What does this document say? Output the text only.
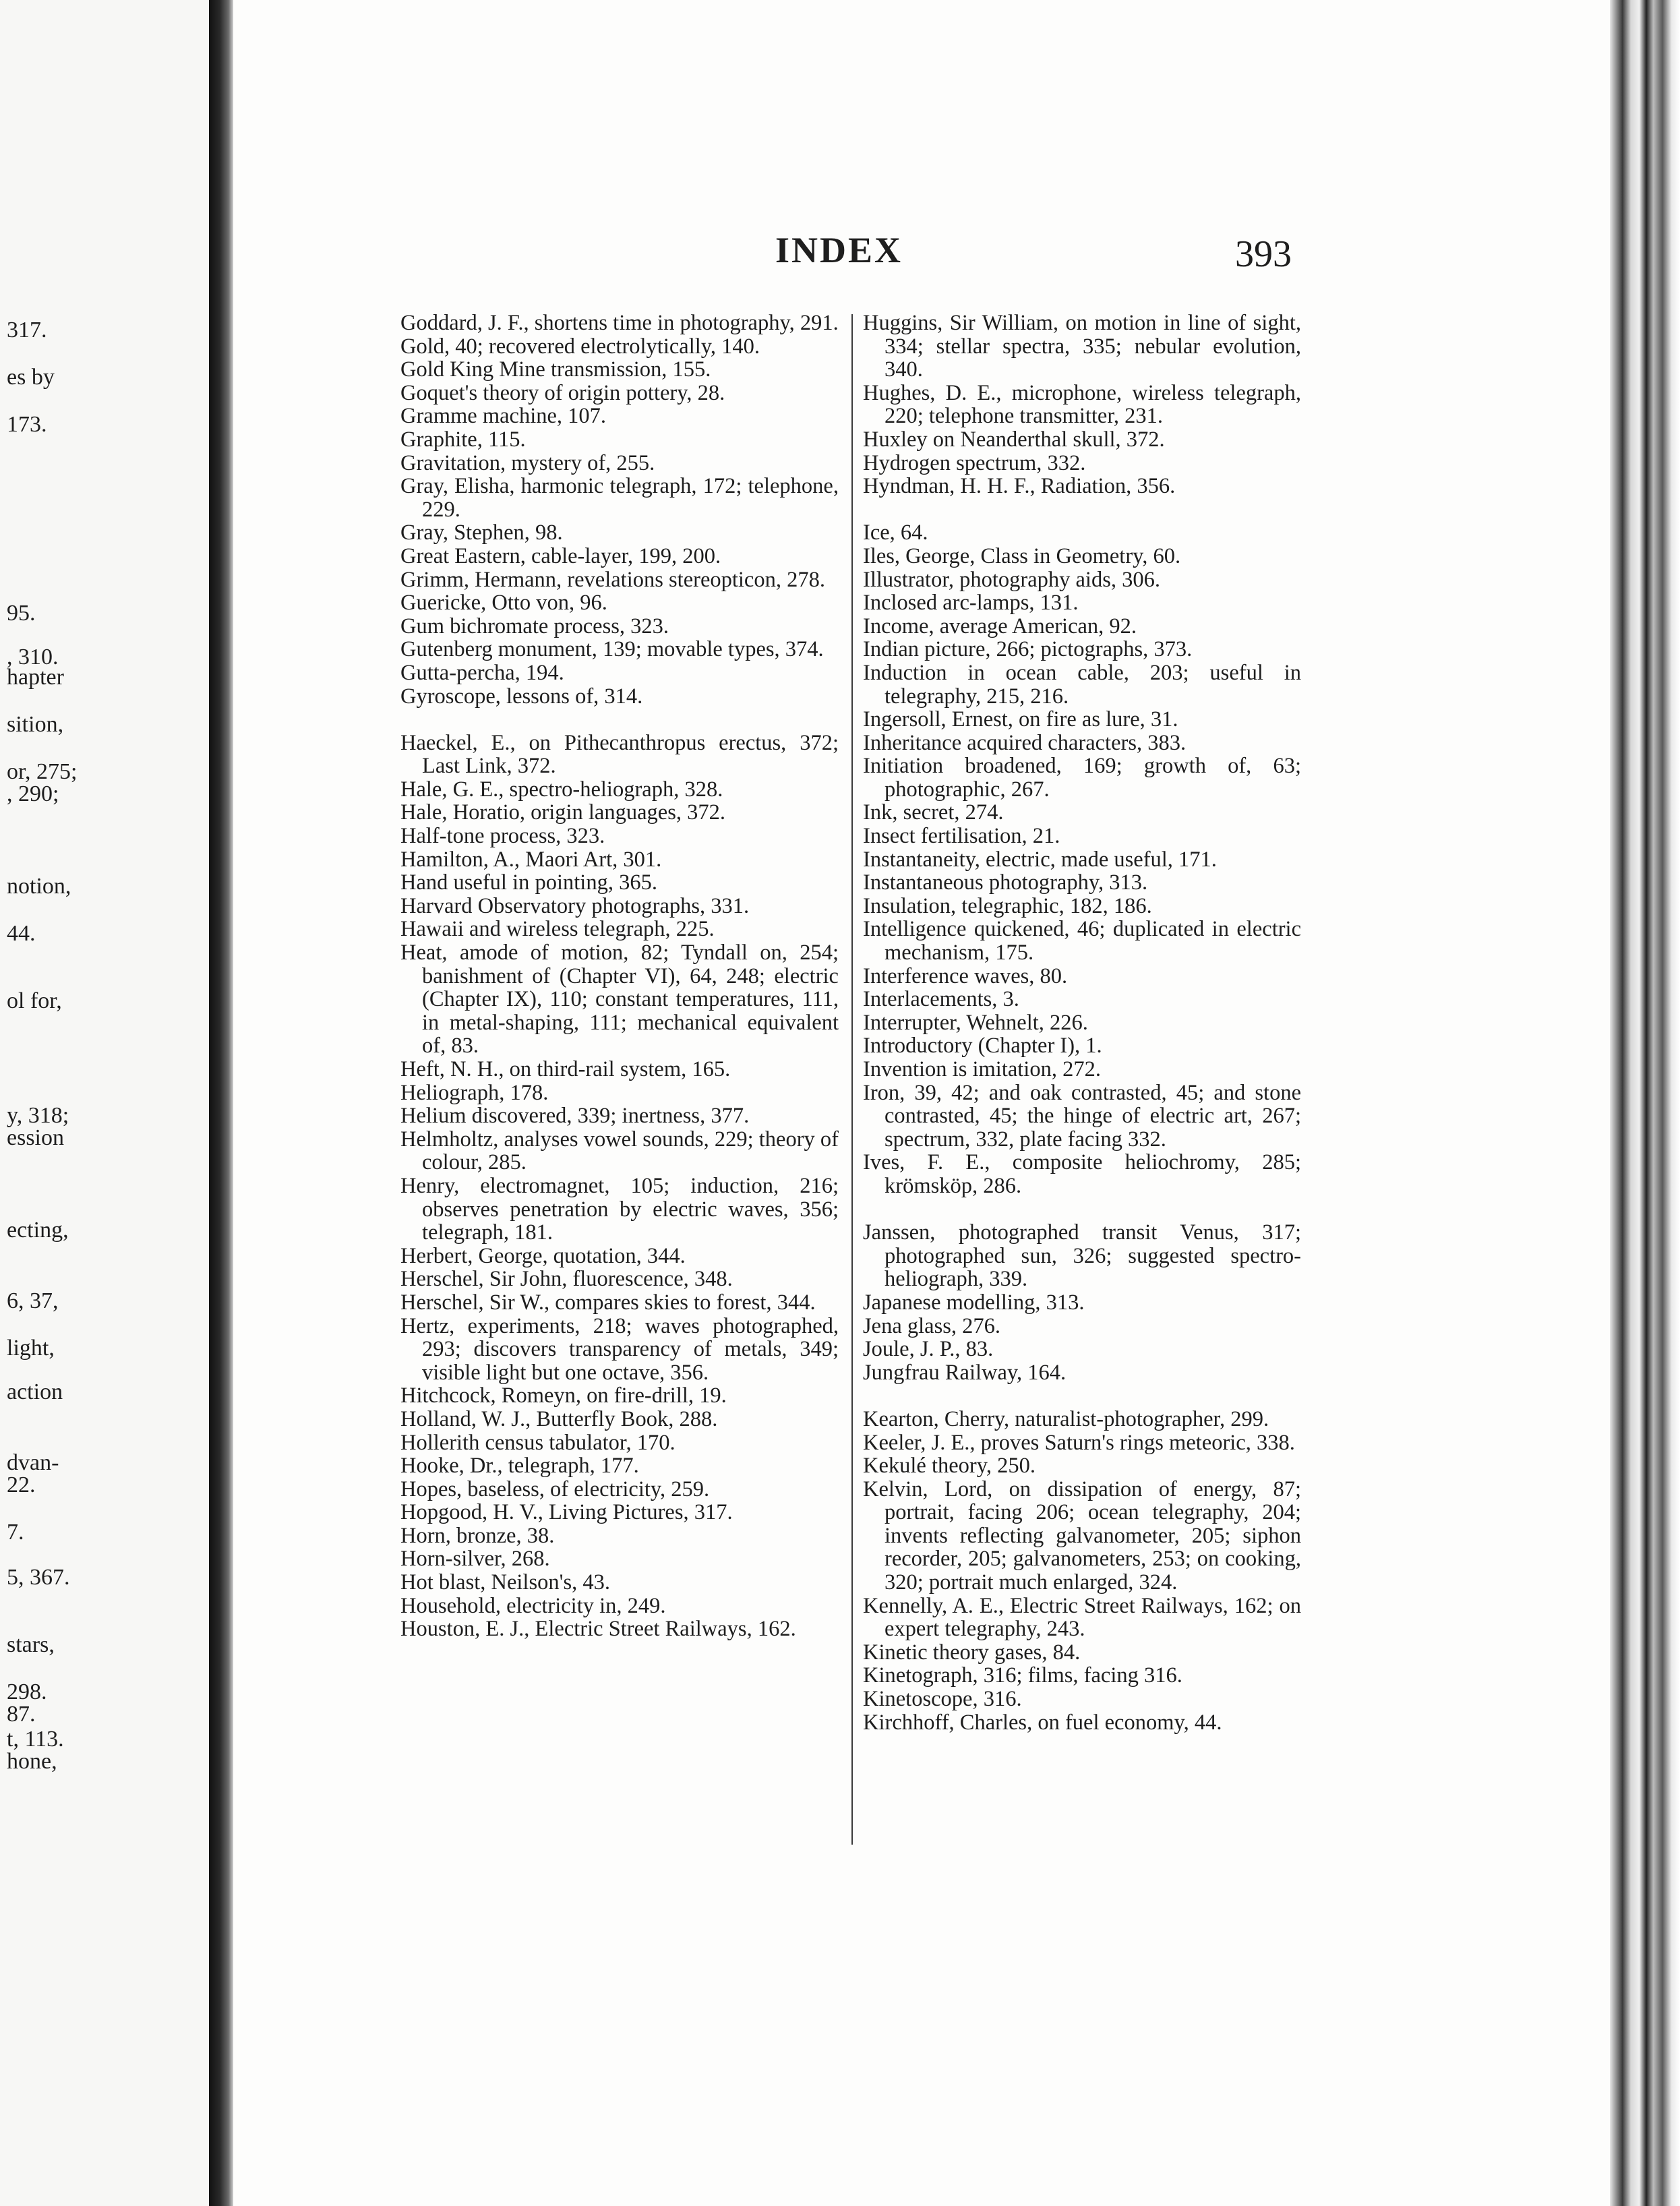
317.
es by
173.
95.
, 310.
hapter
sition,
or, 275;
, 290;
notion,
44.
ol for,
y, 318;
ession
ecting,
6, 37,
light,
action
dvan-
22.
7.
5, 367.
stars,
298.
87.
t, 113.
hone,
INDEX	393
Goddard, J. F., shortens time in photography, 291.
Gold, 40; recovered electrolytically, 140.
Gold King Mine transmission, 155.
Goquet's theory of origin pottery, 28.
Gramme machine, 107.
Graphite, 115.
Gravitation, mystery of, 255.
Gray, Elisha, harmonic telegraph, 172; telephone, 229.
Gray, Stephen, 98.
Great Eastern, cable-layer, 199, 200.
Grimm, Hermann, revelations stereopticon, 278.
Guericke, Otto von, 96.
Gum bichromate process, 323.
Gutenberg monument, 139; movable types, 374.
Gutta-percha, 194.
Gyroscope, lessons of, 314.
Haeckel, E., on Pithecanthropus erectus, 372; Last Link, 372.
Hale, G. E., spectro-heliograph, 328.
Hale, Horatio, origin languages, 372.
Half-tone process, 323.
Hamilton, A., Maori Art, 301.
Hand useful in pointing, 365.
Harvard Observatory photographs, 331.
Hawaii and wireless telegraph, 225.
Heat, amode of motion, 82; Tyndall on, 254; banishment of (Chapter VI), 64, 248; electric (Chapter IX), 110; constant temperatures, 111, in metal-shaping, 111; mechanical equivalent of, 83.
Heft, N. H., on third-rail system, 165.
Heliograph, 178.
Helium discovered, 339; inertness, 377.
Helmholtz, analyses vowel sounds, 229; theory of colour, 285.
Henry, electromagnet, 105; induction, 216; observes penetration by electric waves, 356; telegraph, 181.
Herbert, George, quotation, 344.
Herschel, Sir John, fluorescence, 348.
Herschel, Sir W., compares skies to forest, 344.
Hertz, experiments, 218; waves photographed, 293; discovers transparency of metals, 349; visible light but one octave, 356.
Hitchcock, Romeyn, on fire-drill, 19.
Holland, W. J., Butterfly Book, 288.
Hollerith census tabulator, 170.
Hooke, Dr., telegraph, 177.
Hopes, baseless, of electricity, 259.
Hopgood, H. V., Living Pictures, 317.
Horn, bronze, 38.
Horn-silver, 268.
Hot blast, Neilson's, 43.
Household, electricity in, 249.
Houston, E. J., Electric Street Railways, 162.
Huggins, Sir William, on motion in line of sight, 334; stellar spectra, 335; nebular evolution, 340.
Hughes, D. E., microphone, wireless telegraph, 220; telephone transmitter, 231.
Huxley on Neanderthal skull, 372.
Hydrogen spectrum, 332.
Hyndman, H. H. F., Radiation, 356.
Ice, 64.
Iles, George, Class in Geometry, 60.
Illustrator, photography aids, 306.
Inclosed arc-lamps, 131.
Income, average American, 92.
Indian picture, 266; pictographs, 373.
Induction in ocean cable, 203; useful in telegraphy, 215, 216.
Ingersoll, Ernest, on fire as lure, 31.
Inheritance acquired characters, 383.
Initiation broadened, 169; growth of, 63; photographic, 267.
Ink, secret, 274.
Insect fertilisation, 21.
Instantaneity, electric, made useful, 171.
Instantaneous photography, 313.
Insulation, telegraphic, 182, 186.
Intelligence quickened, 46; duplicated in electric mechanism, 175.
Interference waves, 80.
Interlacements, 3.
Interrupter, Wehnelt, 226.
Introductory (Chapter I), 1.
Invention is imitation, 272.
Iron, 39, 42; and oak contrasted, 45; and stone contrasted, 45; the hinge of electric art, 267; spectrum, 332, plate facing 332.
Ives, F. E., composite heliochromy, 285; krömsköp, 286.
Janssen, photographed transit Venus, 317; photographed sun, 326; suggested spectro-heliograph, 339.
Japanese modelling, 313.
Jena glass, 276.
Joule, J. P., 83.
Jungfrau Railway, 164.
Kearton, Cherry, naturalist-photographer, 299.
Keeler, J. E., proves Saturn's rings meteoric, 338.
Kekulé theory, 250.
Kelvin, Lord, on dissipation of energy, 87; portrait, facing 206; ocean telegraphy, 204; invents reflecting galvanometer, 205; siphon recorder, 205; galvanometers, 253; on cooking, 320; portrait much enlarged, 324.
Kennelly, A. E., Electric Street Railways, 162; on expert telegraphy, 243.
Kinetic theory gases, 84.
Kinetograph, 316; films, facing 316.
Kinetoscope, 316.
Kirchhoff, Charles, on fuel economy, 44.
